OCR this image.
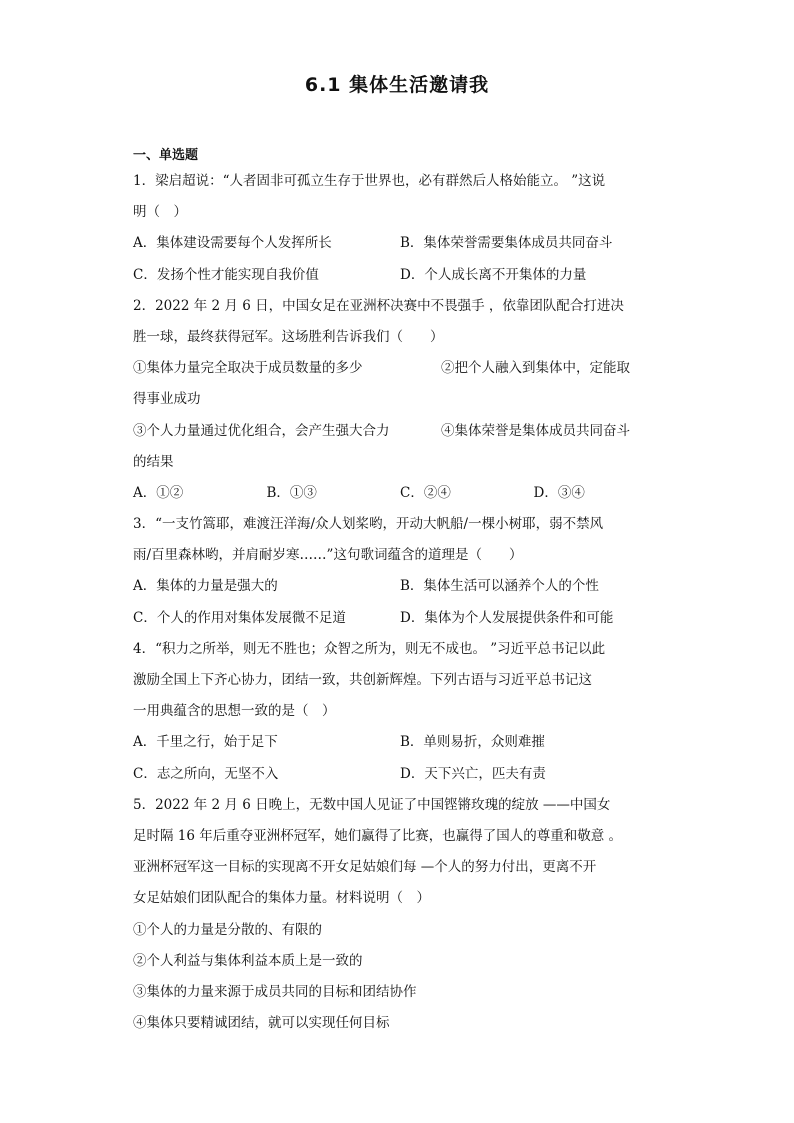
6.1 集体生活邀请我
一、单选题
1．梁启超说：“人者固非可孤立生存于世界也，必有群然后人格始能立。 ”这说
明（　）
A．集体建设需要每个人发挥所长	B．集体荣誉需要集体成员共同奋斗
C．发扬个性才能实现自我价值	D．个人成长离不开集体的力量
2．2022 年 2 月 6 日，中国女足在亚洲杯决赛中不畏强手 ，依靠团队配合打进决
胜一球，最终获得冠军。这场胜利告诉我们（　　）
①集体力量完全取决于成员数量的多少	②把个人融入到集体中，定能取
得事业成功
③个人力量通过优化组合，会产生强大合力	④集体荣誉是集体成员共同奋斗
的结果
A．①②	B．①③	C．②④	D．③④
3．“一支竹篙耶，难渡汪洋海/众人划桨哟，开动大帆船/一棵小树耶，弱不禁风
雨/百里森林哟，并肩耐岁寒……”这句歌词蕴含的道理是（　　）
A．集体的力量是强大的	B．集体生活可以涵养个人的个性
C．个人的作用对集体发展微不足道	D．集体为个人发展提供条件和可能
4．“积力之所举，则无不胜也；众智之所为，则无不成也。 ”习近平总书记以此
激励全国上下齐心协力，团结一致，共创新辉煌。下列古语与习近平总书记这
一用典蕴含的思想一致的是（　）
A．千里之行，始于足下	B．单则易折，众则难摧
C．志之所向，无坚不入	D．天下兴亡，匹夫有责
5．2022 年 2 月 6 日晚上，无数中国人见证了中国铿锵玫瑰的绽放 ——中国女
足时隔 16 年后重夺亚洲杯冠军，她们赢得了比赛，也赢得了国人的尊重和敬意 。
亚洲杯冠军这一目标的实现离不开女足姑娘们每 —个人的努力付出，更离不开
女足姑娘们团队配合的集体力量。材料说明（　）
①个人的力量是分散的、有限的
②个人利益与集体利益本质上是一致的
③集体的力量来源于成员共同的目标和团结协作
④集体只要精诚团结，就可以实现任何目标
